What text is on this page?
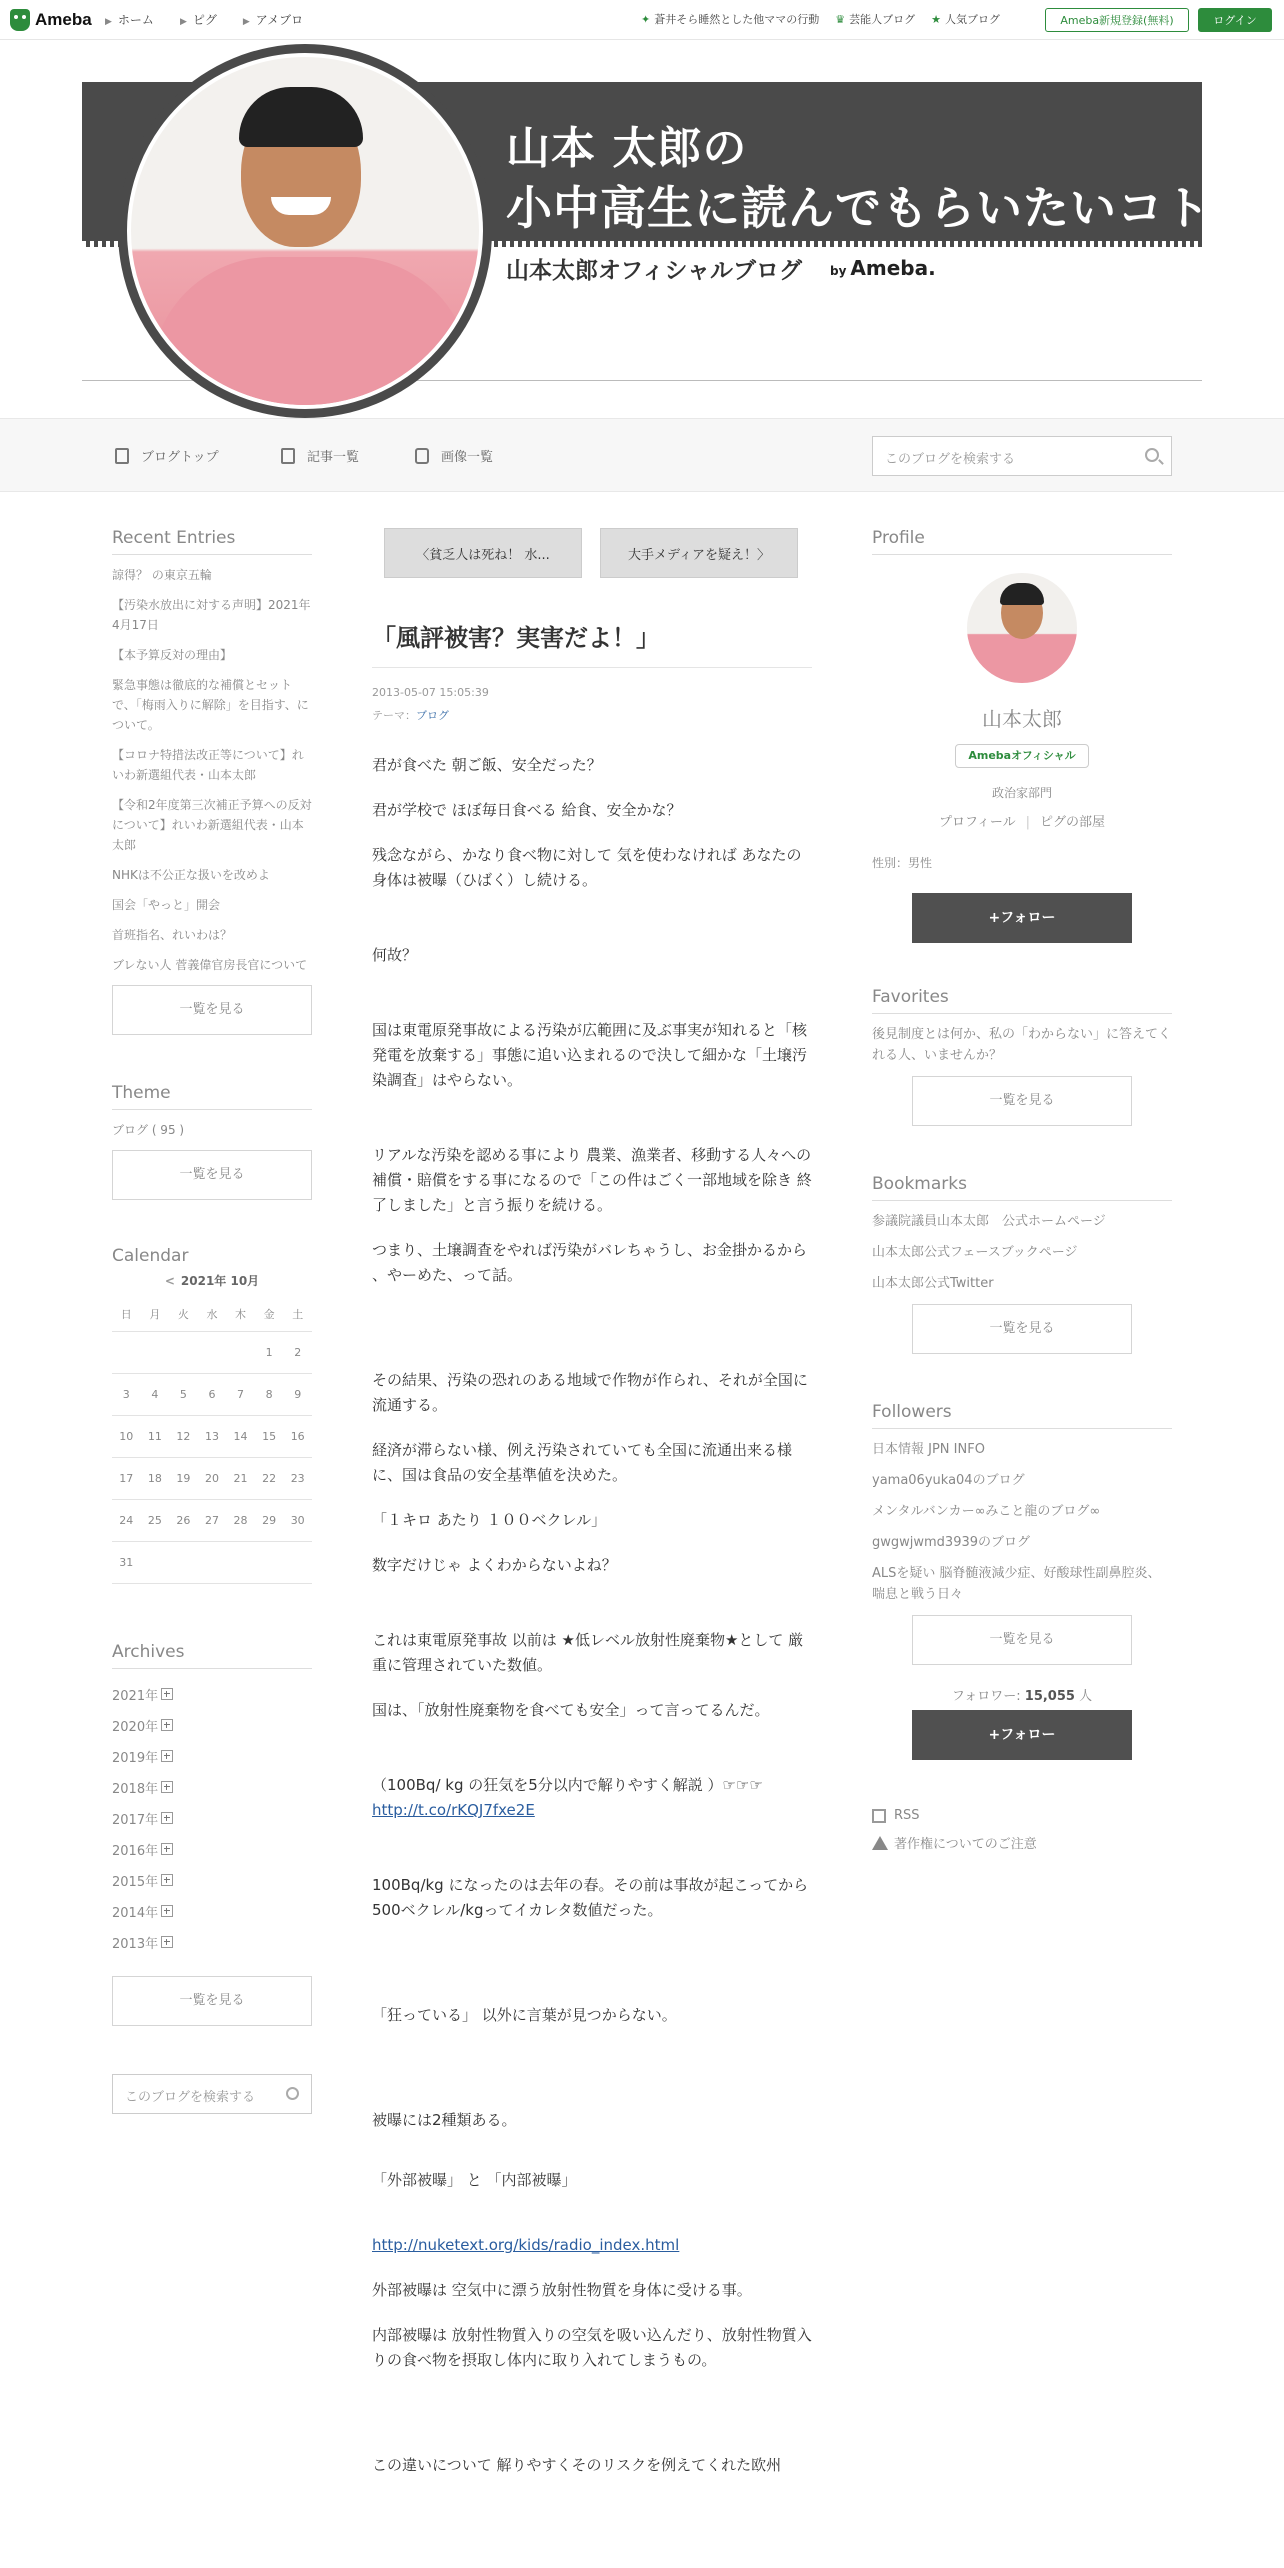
Ameba ▶ ホーム	▶ ピグ	▶ アメブロ	✦ 蒼井そら睡然とした他ママの行動 ♛ 芸能人ブログ ★ 人気ブログ	Ameba新規登録(無料)	ログイン
山本 太郎の
小中高生に読んでもらいたいコト
山本太郎オフィシャルブログ by Ameba.
ブログトップ	記事一覧	画像一覧	このブログを検索する
Recent Entries
諒得？ の東京五輪
【汚染水放出に対する声明】2021年4月17日
【本予算反対の理由】
緊急事態は徹底的な補償とセットで、「梅雨入りに解除」を目指す、について。
【コロナ特措法改正等について】れいわ新選組代表・山本太郎
【令和2年度第三次補正予算への反対について】れいわ新選組代表・山本太郎
NHKは不公正な扱いを改めよ
国会「やっと」開会
首班指名、れいわは？
ブレない人 菅義偉官房長官について
一覧を見る
Theme
ブログ ( 95 )
一覧を見る
Calendar
< 2021年 10月
日	月	火	水	木	金	土
					1	2
3	4	5	6	7	8	9
10	11	12	13	14	15	16
17	18	19	20	21	22	23
24	25	26	27	28	29	30
31						
Archives
2021年
2020年
2019年
2018年
2017年
2016年
2015年
2014年
2013年
一覧を見る
このブログを検索する
〈 貧乏人は死ね！ 水...	大手メディアを疑え！ 〉
「風評被害？実害だよ！」
2013-05-07 15:05:39
テーマ：ブログ

君が食べた 朝ご飯、安全だった？

君が学校で ほぼ毎日食べる 給食、安全かな？

残念ながら、かなり食べ物に対して 気を使わなければ あなたの身体は被曝（ひばく）し続ける。

何故？

国は東電原発事故による汚染が広範囲に及ぶ事実が知れると「核発電を放棄する」事態に追い込まれるので決して細かな「土壌汚染調査」はやらない。

リアルな汚染を認める事により 農業、漁業者、移動する人々への 補償・賠償をする事になるので「この件はごく一部地域を除き 終了しました」と言う振りを続ける。

つまり、土壌調査をやれば汚染がバレちゃうし、お金掛かるから 、やーめた、って話。

その結果、汚染の恐れのある地域で作物が作られ、それが全国に流通する。

経済が滞らない様、例え汚染されていても全国に流通出来る様に、国は食品の安全基準値を決めた。

「１キロ あたり １００ベクレル」

数字だけじゃ よくわからないよね？

これは東電原発事故 以前は ★低レベル放射性廃棄物★として 厳重に管理されていた数値。

国は、「放射性廃棄物を食べても安全」って言ってるんだ。

（100Bq/ kg の狂気を5分以内で解りやすく解説 ）☞☞☞

http://t.co/rKQJ7fxe2E

100Bq/kg になったのは去年の春。その前は事故が起こってから 500ベクレル/kgってイカレタ数値だった。

「狂っている」 以外に言葉が見つからない。

被曝には2種類ある。

「外部被曝」 と 「内部被曝」

http://nuketext.org/kids/radio_index.html

外部被曝は 空気中に漂う放射性物質を身体に受ける事。

内部被曝は 放射性物質入りの空気を吸い込んだり、放射性物質入りの食べ物を摂取し体内に取り入れてしまうもの。

この違いについて 解りやすくそのリスクを例えてくれた欧州

Profile
山本太郎
Amebaオフィシャル
政治家部門
プロフィール | ピグの部屋
性別：男性
+フォロー
Favorites
後見制度とは何か、私の「わからない」に答えてくれる人、いませんか？
一覧を見る
Bookmarks
参議院議員山本太郎　公式ホームページ
山本太郎公式フェースブックページ
山本太郎公式Twitter
一覧を見る
Followers
日本情報 JPN INFO
yama06yuka04のブログ
メンタルバンカー∞みこと龍のブログ∞
gwgwjwmd3939のブログ
ALSを疑い 脳脊髄液減少症、好酸球性副鼻腔炎、喘息と戦う日々
一覧を見る
フォロワー: 15,055 人
+フォロー
RSS
著作権についてのご注意
